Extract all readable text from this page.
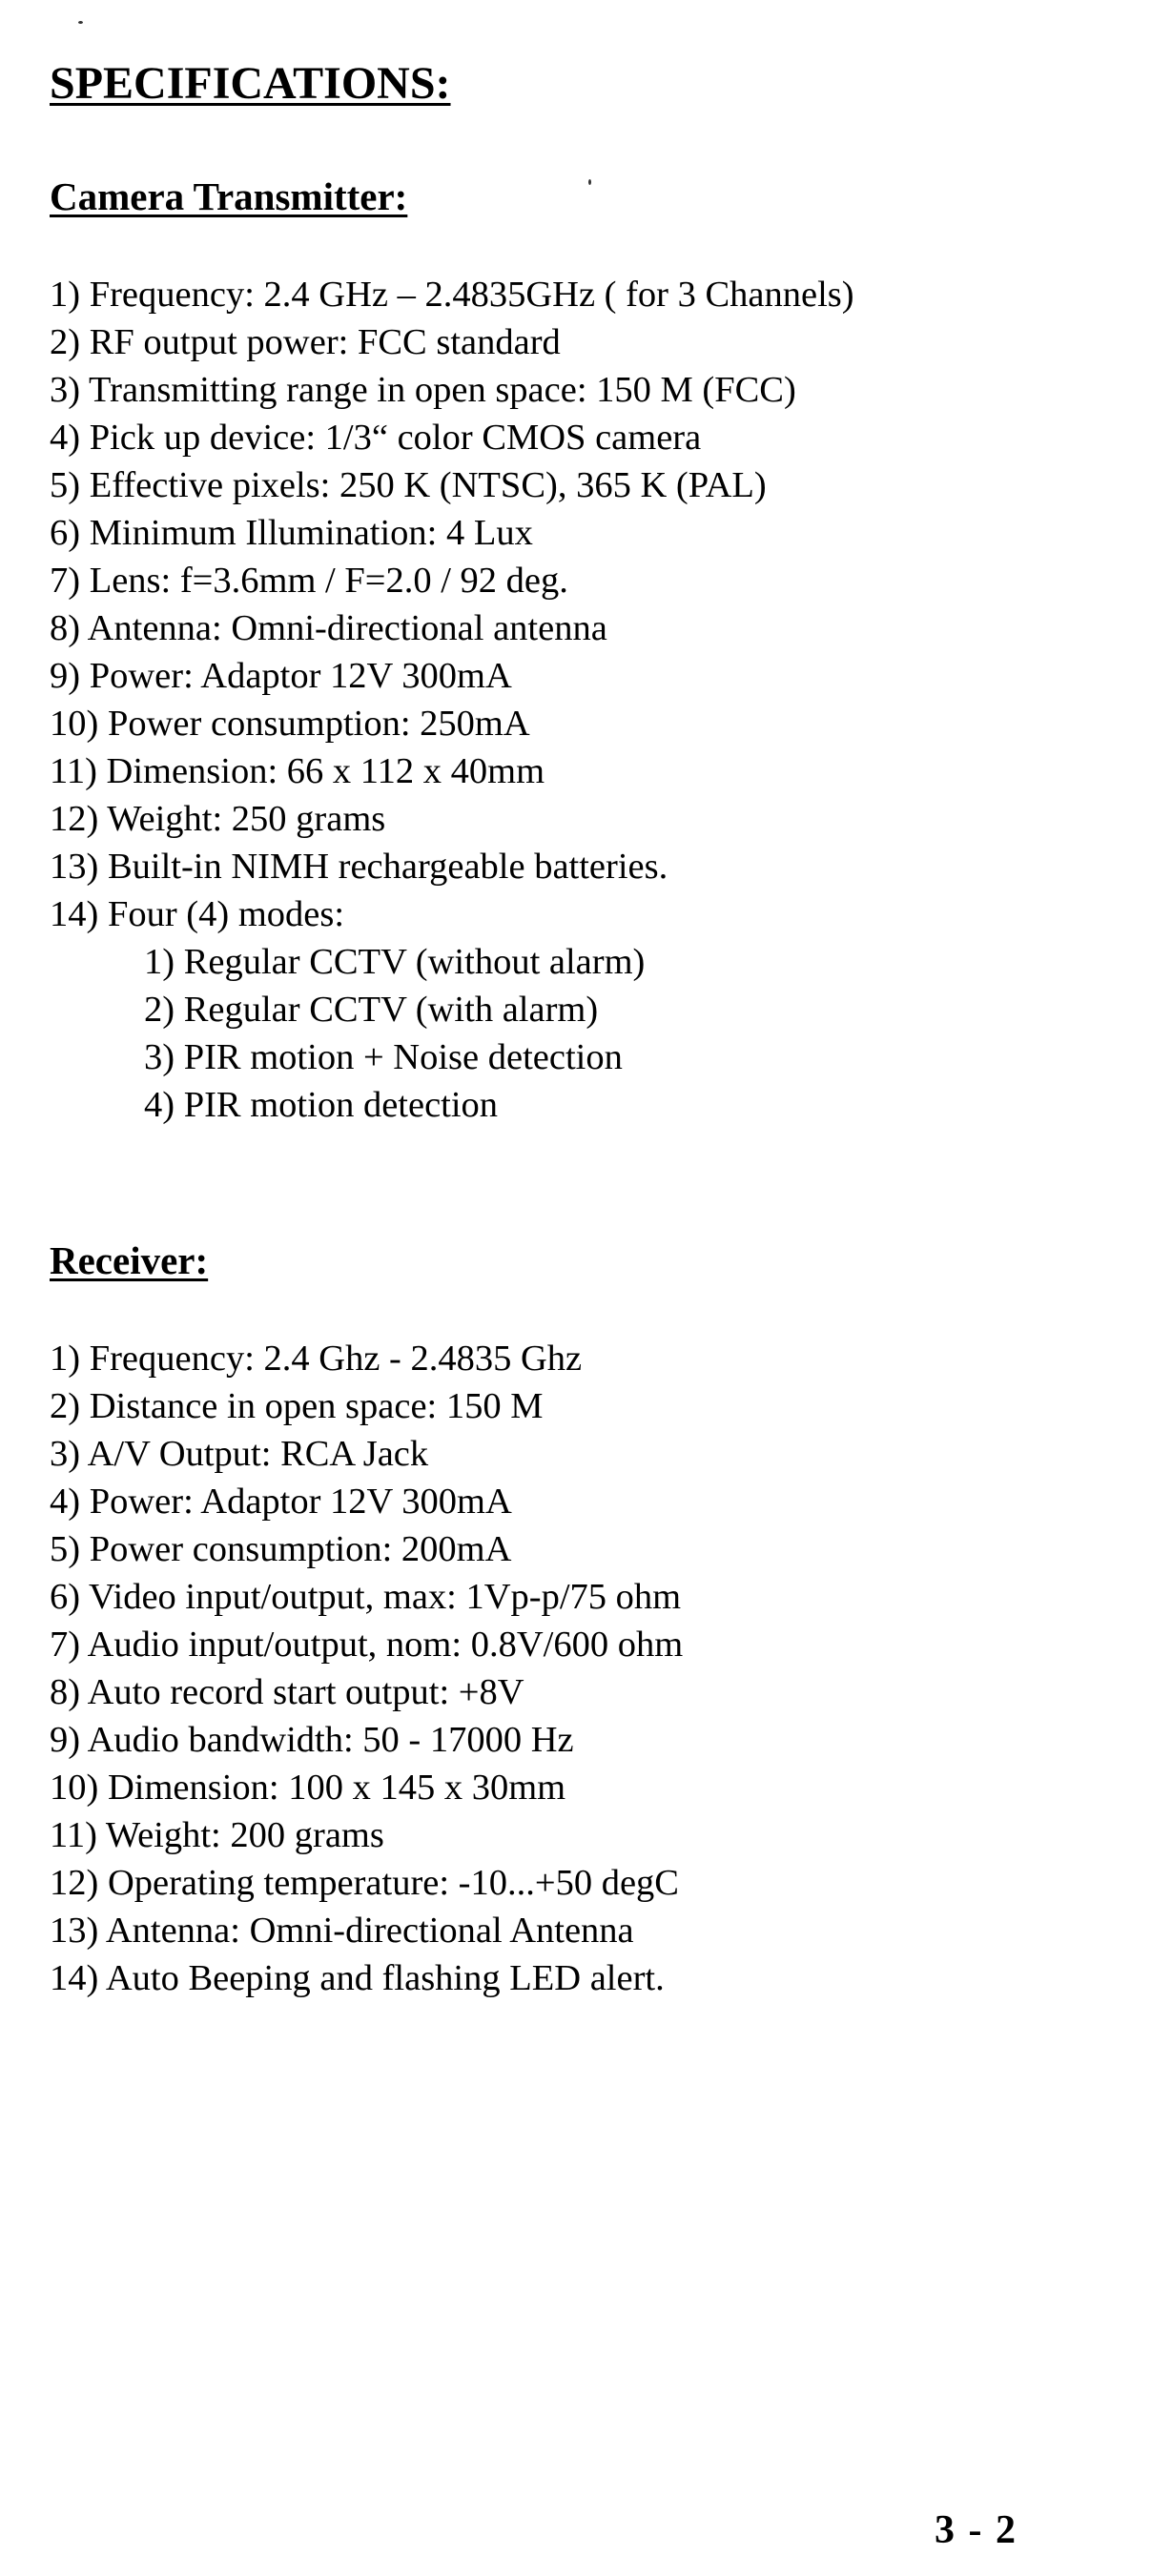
SPECIFICATIONS:
Camera Transmitter:
1) Frequency: 2.4 GHz – 2.4835GHz ( for 3 Channels)
2) RF output power: FCC standard
3) Transmitting range in open space: 150 M (FCC)
4) Pick up device: 1/3“ color CMOS camera
5) Effective pixels: 250 K (NTSC), 365 K (PAL)
6) Minimum Illumination: 4 Lux
7) Lens: f=3.6mm / F=2.0 / 92 deg.
8) Antenna: Omni-directional antenna
9) Power: Adaptor 12V 300mA
10) Power consumption: 250mA
11) Dimension: 66 x 112 x 40mm
12) Weight: 250 grams
13) Built-in NIMH rechargeable batteries.
14) Four (4) modes:
1) Regular CCTV (without alarm)
2) Regular CCTV (with alarm)
3) PIR motion + Noise detection
4) PIR motion detection
Receiver:
1) Frequency: 2.4 Ghz - 2.4835 Ghz
2) Distance in open space: 150 M
3) A/V Output: RCA Jack
4) Power: Adaptor 12V 300mA
5) Power consumption: 200mA
6) Video input/output, max: 1Vp-p/75 ohm
7) Audio input/output, nom: 0.8V/600 ohm
8) Auto record start output: +8V
9) Audio bandwidth: 50 - 17000 Hz
10) Dimension: 100 x 145 x 30mm
11) Weight: 200 grams
12) Operating temperature: -10...+50 degC
13) Antenna: Omni-directional Antenna
14) Auto Beeping and flashing LED alert.
3 - 2
